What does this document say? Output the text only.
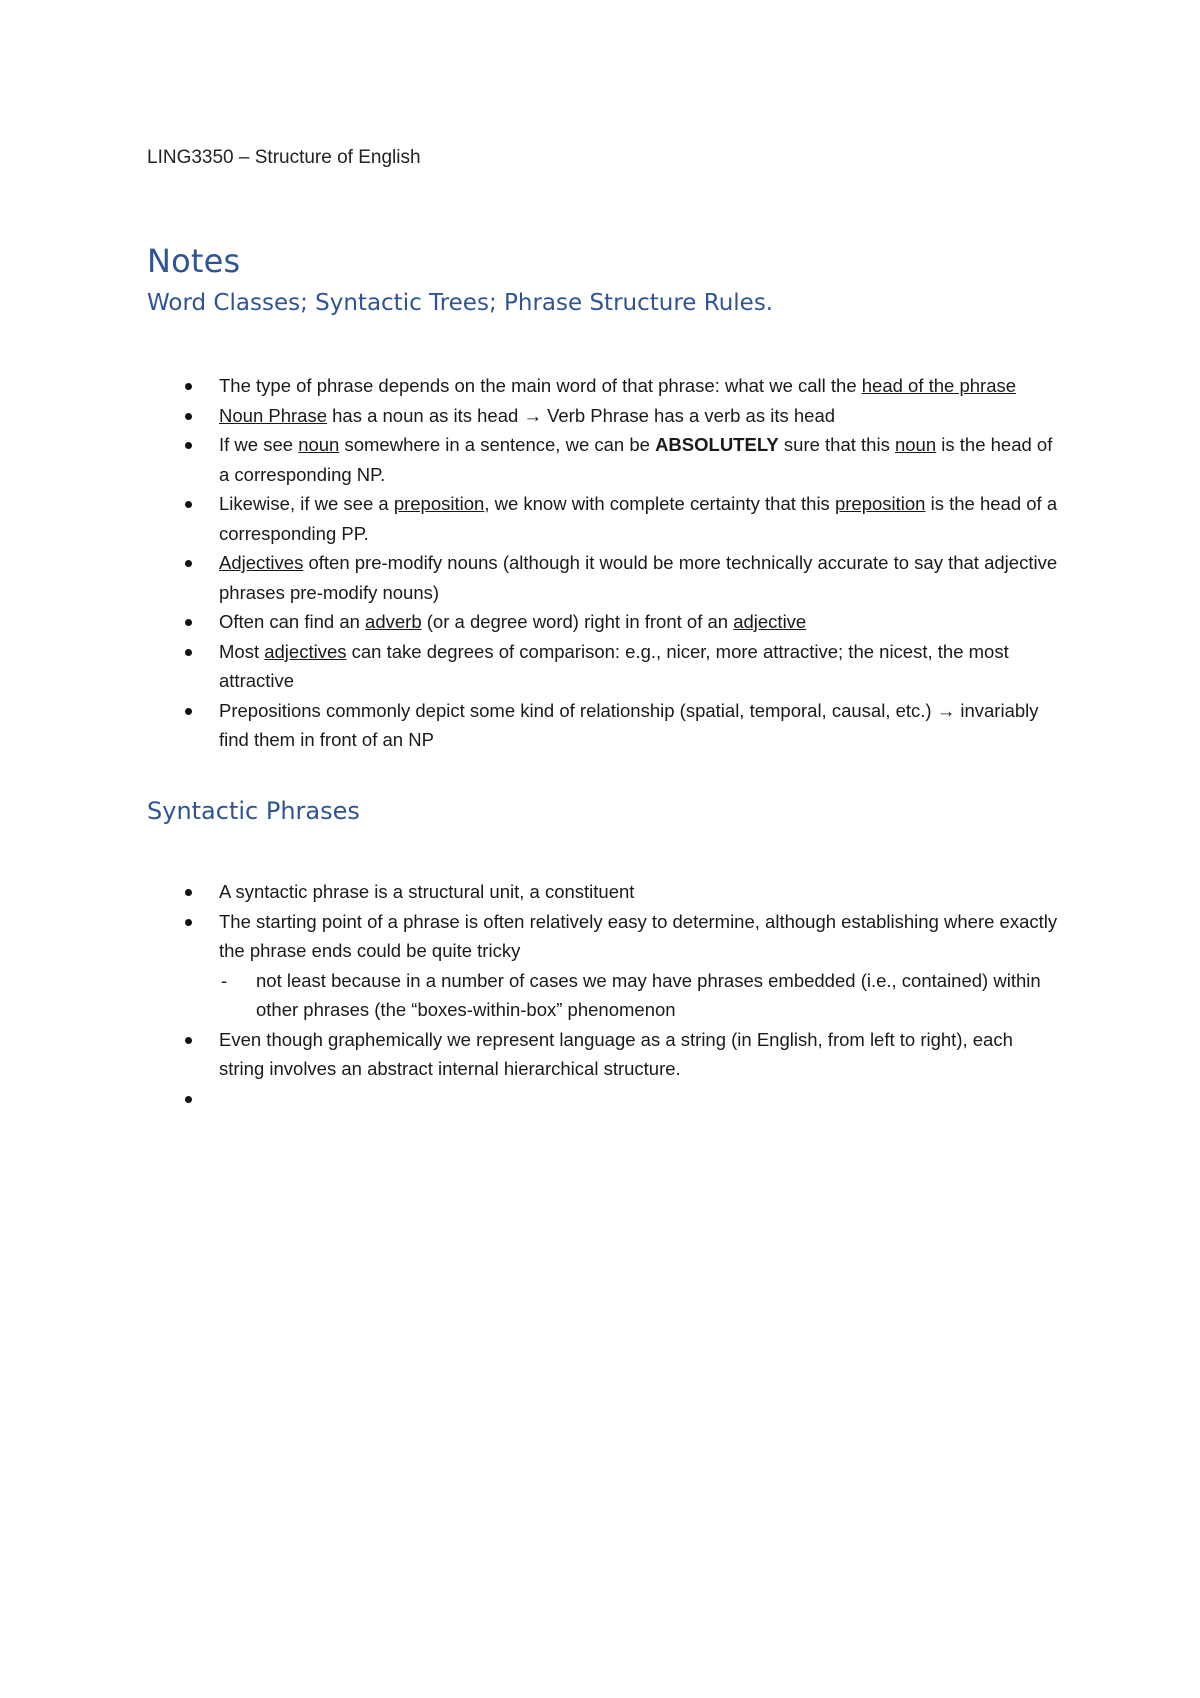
LING3350 – Structure of English
Notes
Word Classes; Syntactic Trees; Phrase Structure Rules.
The type of phrase depends on the main word of that phrase: what we call the head of the phrase
Noun Phrase has a noun as its head → Verb Phrase has a verb as its head
If we see noun somewhere in a sentence, we can be ABSOLUTELY sure that this noun is the head of a corresponding NP.
Likewise, if we see a preposition, we know with complete certainty that this preposition is the head of a corresponding PP.
Adjectives often pre-modify nouns (although it would be more technically accurate to say that adjective phrases pre-modify nouns)
Often can find an adverb (or a degree word) right in front of an adjective
Most adjectives can take degrees of comparison: e.g., nicer, more attractive; the nicest, the most attractive
Prepositions commonly depict some kind of relationship (spatial, temporal, causal, etc.) → invariably find them in front of an NP
Syntactic Phrases
A syntactic phrase is a structural unit, a constituent
The starting point of a phrase is often relatively easy to determine, although establishing where exactly the phrase ends could be quite tricky
- not least because in a number of cases we may have phrases embedded (i.e., contained) within other phrases (the “boxes-within-box” phenomenon
Even though graphemically we represent language as a string (in English, from left to right), each string involves an abstract internal hierarchical structure.
